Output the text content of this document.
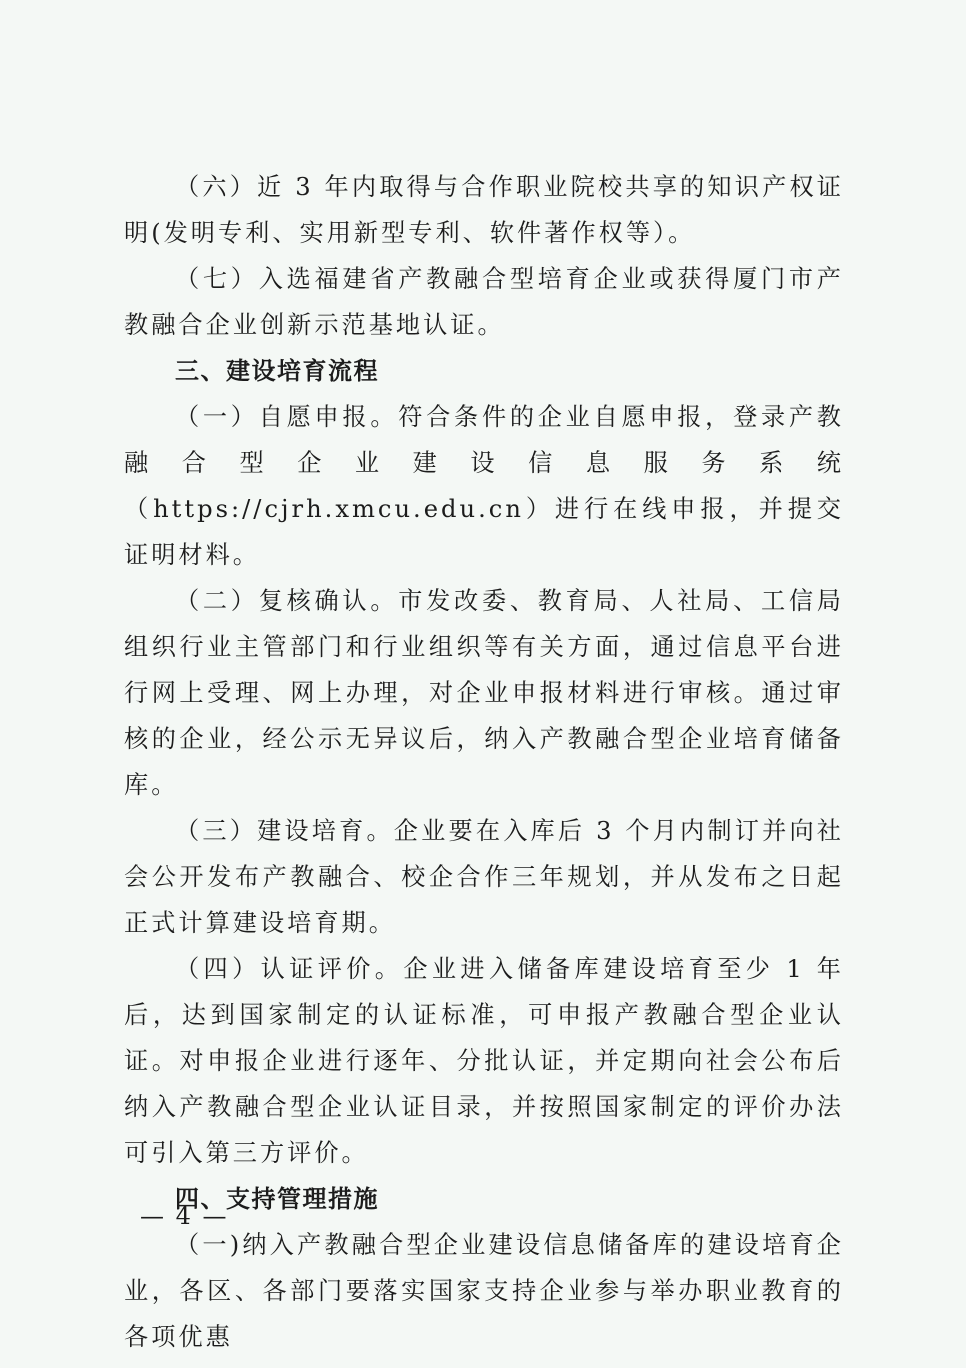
（六）近 3 年内取得与合作职业院校共享的知识产权证明(发明专利、实用新型专利、软件著作权等）。

（七）入选福建省产教融合型培育企业或获得厦门市产教融合企业创新示范基地认证。

三、建设培育流程

（一）自愿申报。符合条件的企业自愿申报，登录产教融合型企业建设信息服务系统（https://cjrh.xmcu.edu.cn）进行在线申报，并提交证明材料。

（二）复核确认。市发改委、教育局、人社局、工信局组织行业主管部门和行业组织等有关方面，通过信息平台进行网上受理、网上办理，对企业申报材料进行审核。通过审核的企业，经公示无异议后，纳入产教融合型企业培育储备库。

（三）建设培育。企业要在入库后 3 个月内制订并向社会公开发布产教融合、校企合作三年规划，并从发布之日起正式计算建设培育期。

（四）认证评价。企业进入储备库建设培育至少 1 年后，达到国家制定的认证标准，可申报产教融合型企业认证。对申报企业进行逐年、分批认证，并定期向社会公布后纳入产教融合型企业认证目录，并按照国家制定的评价办法可引入第三方评价。

四、支持管理措施

（一)纳入产教融合型企业建设信息储备库的建设培育企业，各区、各部门要落实国家支持企业参与举办职业教育的各项优惠

— 4 —
